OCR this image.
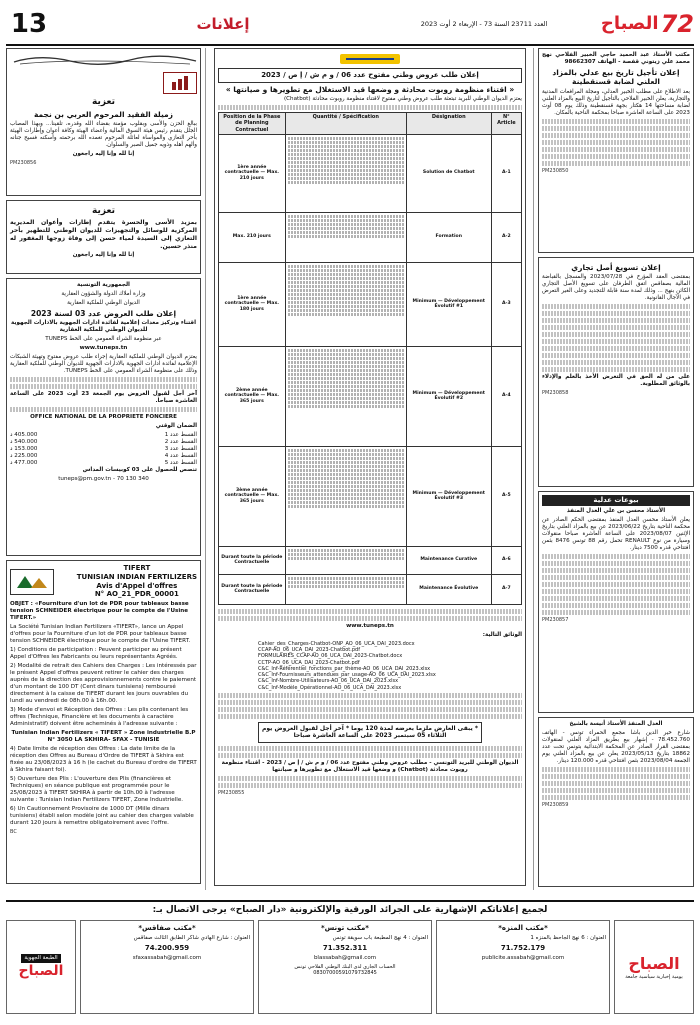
13	إعلانات	العدد 23711 السنة 73 - الإربعاء 2 أوت 2023	الصباح 72
تعزية
زميلة الفقيد المرحوم العربي بن نجمة

ببالغ الحزن والأسى وبقلوب مؤمنة بقضاء الله وقدره، تلقينا... وبهذا المصاب الجلل يتقدم رئيس هيئة السوق المالية وأعضاء الهيئة وكافة أعوان وإطارات الهيئة بأحر التعازي والمواساة لعائلة المرحوم تغمده الله برحمته وأسكنه فسيح جنانه وألهم أهله وذويه جميل الصبر والسلوان.

إنا لله وإنا إليه راجعون

PM230856
تعزية

بمزيد الأسى والحسرة يتقدم إطارات وأعوان المديرية المركزية للوسائل والتجهيزات للديوان الوطني للتطهير بأحر التعازي إلى السيدة لمياء حسن إلى وفاة زوجها المغفور له منذر حسين.

إنا لله وإنا إليه راجعون

الجمهورية التونسية

وزارة أملاك الدولة والشؤون العقارية

الديوان الوطني للملكية العقارية

إعلان طلب العروض عدد 03 لسنة 2023

اقتناء وتركيز معدات إعلامية لفائدة ادارات الجهوية بالادارات الجهوية للديوان الوطني للملكية العقارية

عبر منظومة الشراء العمومي على الخط TUNEPS

www.tuneps.tn

يعتزم الديوان الوطني للملكية العقارية إجراء طلب عروض مفتوح وتهيئة الشبكات الإعلامية لفائدة ادارات الجهوية بالادارات الجهوية للديوان الوطني للملكية العقارية وذلك على منظومة الشراء العمومي على الخط TUNEPS.

آخر أجل لقبول العروض يوم الجمعة 23 أوت 2023 على الساعة العاشرة صباحا.

OFFICE NATIONAL DE LA PROPRIETE FONCIERE

الضمان الوقتي

القسط عدد 1
405.000 د
القسط عدد 2
540.000 د
القسط عدد 3
153.000 د
القسط عدد 4
225.000 د
القسط عدد 5
477.000 د

تنصص للحصول على 03 كوبيسات المداس

tuneps@pm.gov.tn - 70 130 340

TIFERT
TUNISIAN INDIAN FERTILIZERS
Avis d'Appel d'offres
N° AO_21_PDR_00001

OBJET : «Fourniture d'un lot de PDR pour tableaux basse tension SCHNEIDER électrique pour le compte de l'Usine TIFERT.»

La Société Tunisian Indian Fertilizers «TIFERT», lance un Appel d'offres pour la Fourniture d'un lot de PDR pour tableaux basse tension SCHNEIDER électrique pour le compte de l'Usine TIFERT.

1) Conditions de participation : Peuvent participer au présent Appel d'Offres les Fabricants ou leurs représentants Agréés.

2) Modalité de retrait des Cahiers des Charges : Les intéressés par le présent Appel d'offres peuvent retirer le cahier des charges auprès de la direction des approvisionnements contre le paiement d'un montant de 100 DT (Cent dinars tunisiens) remboursé directement à la caisse de TIFERT durant les jours ouvrables du lundi au vendredi de 08h.00 à 16h.00.

3) Mode d'envoi et Réception des Offres : Les plis contenant les offres (Technique, Financière et les documents à caractère Administratif) doivent être acheminés à l'adresse suivante :

Tunisian Indian Fertilizers « TIFERT » Zone industrielle B.P N° 3050 LA SKHIRA- SFAX - TUNISIE

4) Date limite de réception des Offres : La date limite de la réception des Offres au Bureau d'Ordre de TIFERT à Skhira est fixée au 23/08/2023 à 16 h (le cachet du Bureau d'ordre de TIFERT à Skhira faisant foi).

5) Ouverture des Plis : L'ouverture des Plis (financières et Techniques) en séance publique est programmée pour le 25/08/2023 à TIFERT SKHIRA à partir de 10h.00 à l'adresse suivante : Tunisian Indian Fertilizers TIFERT, Zone Industrielle.

6) Un Cautionnement Provisoire de 1000 DT (Mille dinars tunisiens) établi selon modèle joint au cahier des charges valable durant 120 jours à remettre obligatoirement avec l'offre.

BC
إعلان طلب عروض وطني مفتوح عدد 06 / و م ش / إ ص / 2023
« اقتناء منظومة روبوت محادثة و وضعها قيد الاستغلال مع تطويرها و صيانتها »

ﻳﻌﺘﺰﻡ ﺍﻟﺪﻳﻮﺍﻥ ﺍﻟﻮﻃﻨﻲ ﻟﻠﺒﺮﻳﺪ ﺗﺒﺘﻌﺜﺔ ﻃﻠﺐ ﻋﺮﻭﺽ ﻭﻃﻨﻲ ﻣﻔﺘﻮﺡ ﻻﻗﺘﻨﺎﺀ ﻣﻨﻈﻮﻣﺔ ﺭﻭﺑﻮﺕ ﻣﺤﺎﺩﺛﺔ (Chatbot)

Position de la Phase de Planning Contractuel	Quantité / Spécification	Désignation	N° Article
1ère année contractuelle — Max. 210 jours		Solution de Chatbot	A-1
Max. 210 jours		Formation	A-2
1ère année contractuelle — Max. 180 jours		Minimum — Développement Évolutif #1	A-3
2ème année contractuelle — Max. 365 jours		Minimum — Développement Évolutif #2	A-4
3ème année contractuelle — Max. 365 jours		Minimum — Développement Évolutif #3	A-5
Durant toute la période Contractuelle		Maintenance Curative	A-6
Durant toute la période Contractuelle		Maintenance Évolutive	A-7

www.tuneps.tn

الوثائق التالية:

Cahier_des_Charges-Chatbot-ONP_AO_06_UCA_DAI_2023.docx
CCAP-AO_06_UCA_DAI_2023-Chatbot.pdf
FORMULAIRES_CCAP-AO_06_UCA_DAI_2023-Chatbot.docx
CCTP-AO_06_UCA_DAI_2023-Chatbot.pdf
C&C_Inf-Référentiel_fonctions_par_thème-AO_06_UCA_DAI_2023.xlsx
C&C_Inf-Fournisseurs_attendues_par_usage-AO_06_UCA_DAI_2023.xlsx
C&C_Inf-Nombre-Utilisateurs-AO_06_UCA_DAI_2023.xlsx
C&C_Inf-Modèle_Opérationnel-AO_06_UCA_DAI_2023.xlsx
* يبقى العارض ملزما بعرضه لمدة 120 يوما * آخر أجل لقبول العروض يوم الثلاثاء 05 سبتمبر 2023 على الساعة العاشرة صباحا

الديوان الوطني للبريد التونسي - مطلب عروض وطني مفتوح عدد 06 / و م ش / إ ص / 2023 - اقتناء منظومة روبوت محادثة (Chatbot) و وضعها قيد الاستغلال مع تطويرها و صيانتها

PM230855

مكتب الأستاذ عبد الحميد حاجي الخبير الفلاحي نهج محمد علي زيتوني قفصة - الهاتف 98662307

إعلان تأجيل تاريخ بيع عدلي بالمزاد العلني لضابة قسنقطينة

بعد الاطلاع على مطلب الخبير العدلي، ومجلة المرافعات المدنية والتجارية، يعلن الخبير الفلاحي بالتأجيل لتاريخ البيع بالمزاد العلني لضابة مساحتها 14 هكتار بجهة قسنقطينة وذلك يوم 08 أوت 2023 على الساعة العاشرة صباحا بمحكمة الناحية بالمكان.

PM230850
إعلان تسويغ أصل تجاري

بمقتضى العقد المؤرخ في 2023/07/28 والمسجل بالقباضة المالية بصفاقس اتفق الطرفان على تسويغ الأصل التجاري الكائن بنهج ... وذلك لمدة سنة قابلة للتجديد وعلى الغير التعرض في الآجال القانونية.

على من له الحق في التعرض الأخذ بالعلم والإدلاء بالوثائق المطلوبة.

PM230858
بيوعات عدلية

الأستاذ محسن بن علي العدل المنفذ

يعلن الأستاذ محسن العدل المنفذ بمقتضى الحكم الصادر عن محكمة الناحية بتاريخ 2023/06/22 عن بيع بالمزاد العلني بتاريخ الإثنين 2023/08/07 على الساعة العاشرة صباحا منقولات وسيارة من نوع RENAULT تحمل رقم 88 تونس 8476 بثمن افتتاحي قدره 7500 دينار.

PM230857

العدل المنفذ الأستاذ أنيسة بالشيخ

شارع خير الدين باشا مجمع الحمراء تونس - الهاتف 78.452.760 - إشهار بيع بطريق المزاد العلني لمنقولات بمقتضى القرار الصادر عن المحكمة الابتدائية بتونس تحت عدد 18862 بتاريخ 2023/05/13 يعلن عن بيع بالمزاد العلني يوم الجمعة 2023/08/04 بثمن افتتاحي قدره 120.000 دينار.

PM230859
لجميع إعلاناتكم الإشهارية على الجرائد الورقية والإلكترونية «دار الصباح» يرجى الاتصال بـ:
الطبعة الجهوية
الصباح
*مكتب صفاقس*
العنوان : شارع الهادي شاكر الطابق الثالث صفاقس
74.200.959
sfaxassabah@gmail.com
*مكتب تونس*
العنوان : 4 نهج المطبعة باب سويقة تونس
71.352.311
blassabah@gmail.com
الحساب الجاري لدى البنك الوطني الفلاحي تونس 08307000591079732845
*مكتب المنزه*
العنوان : 6 نهج الجاحظ بالمنزه 1
71.752.179
publicite.assabah@gmail.com	الصباح
يومية إخبارية سياسية جامعة
